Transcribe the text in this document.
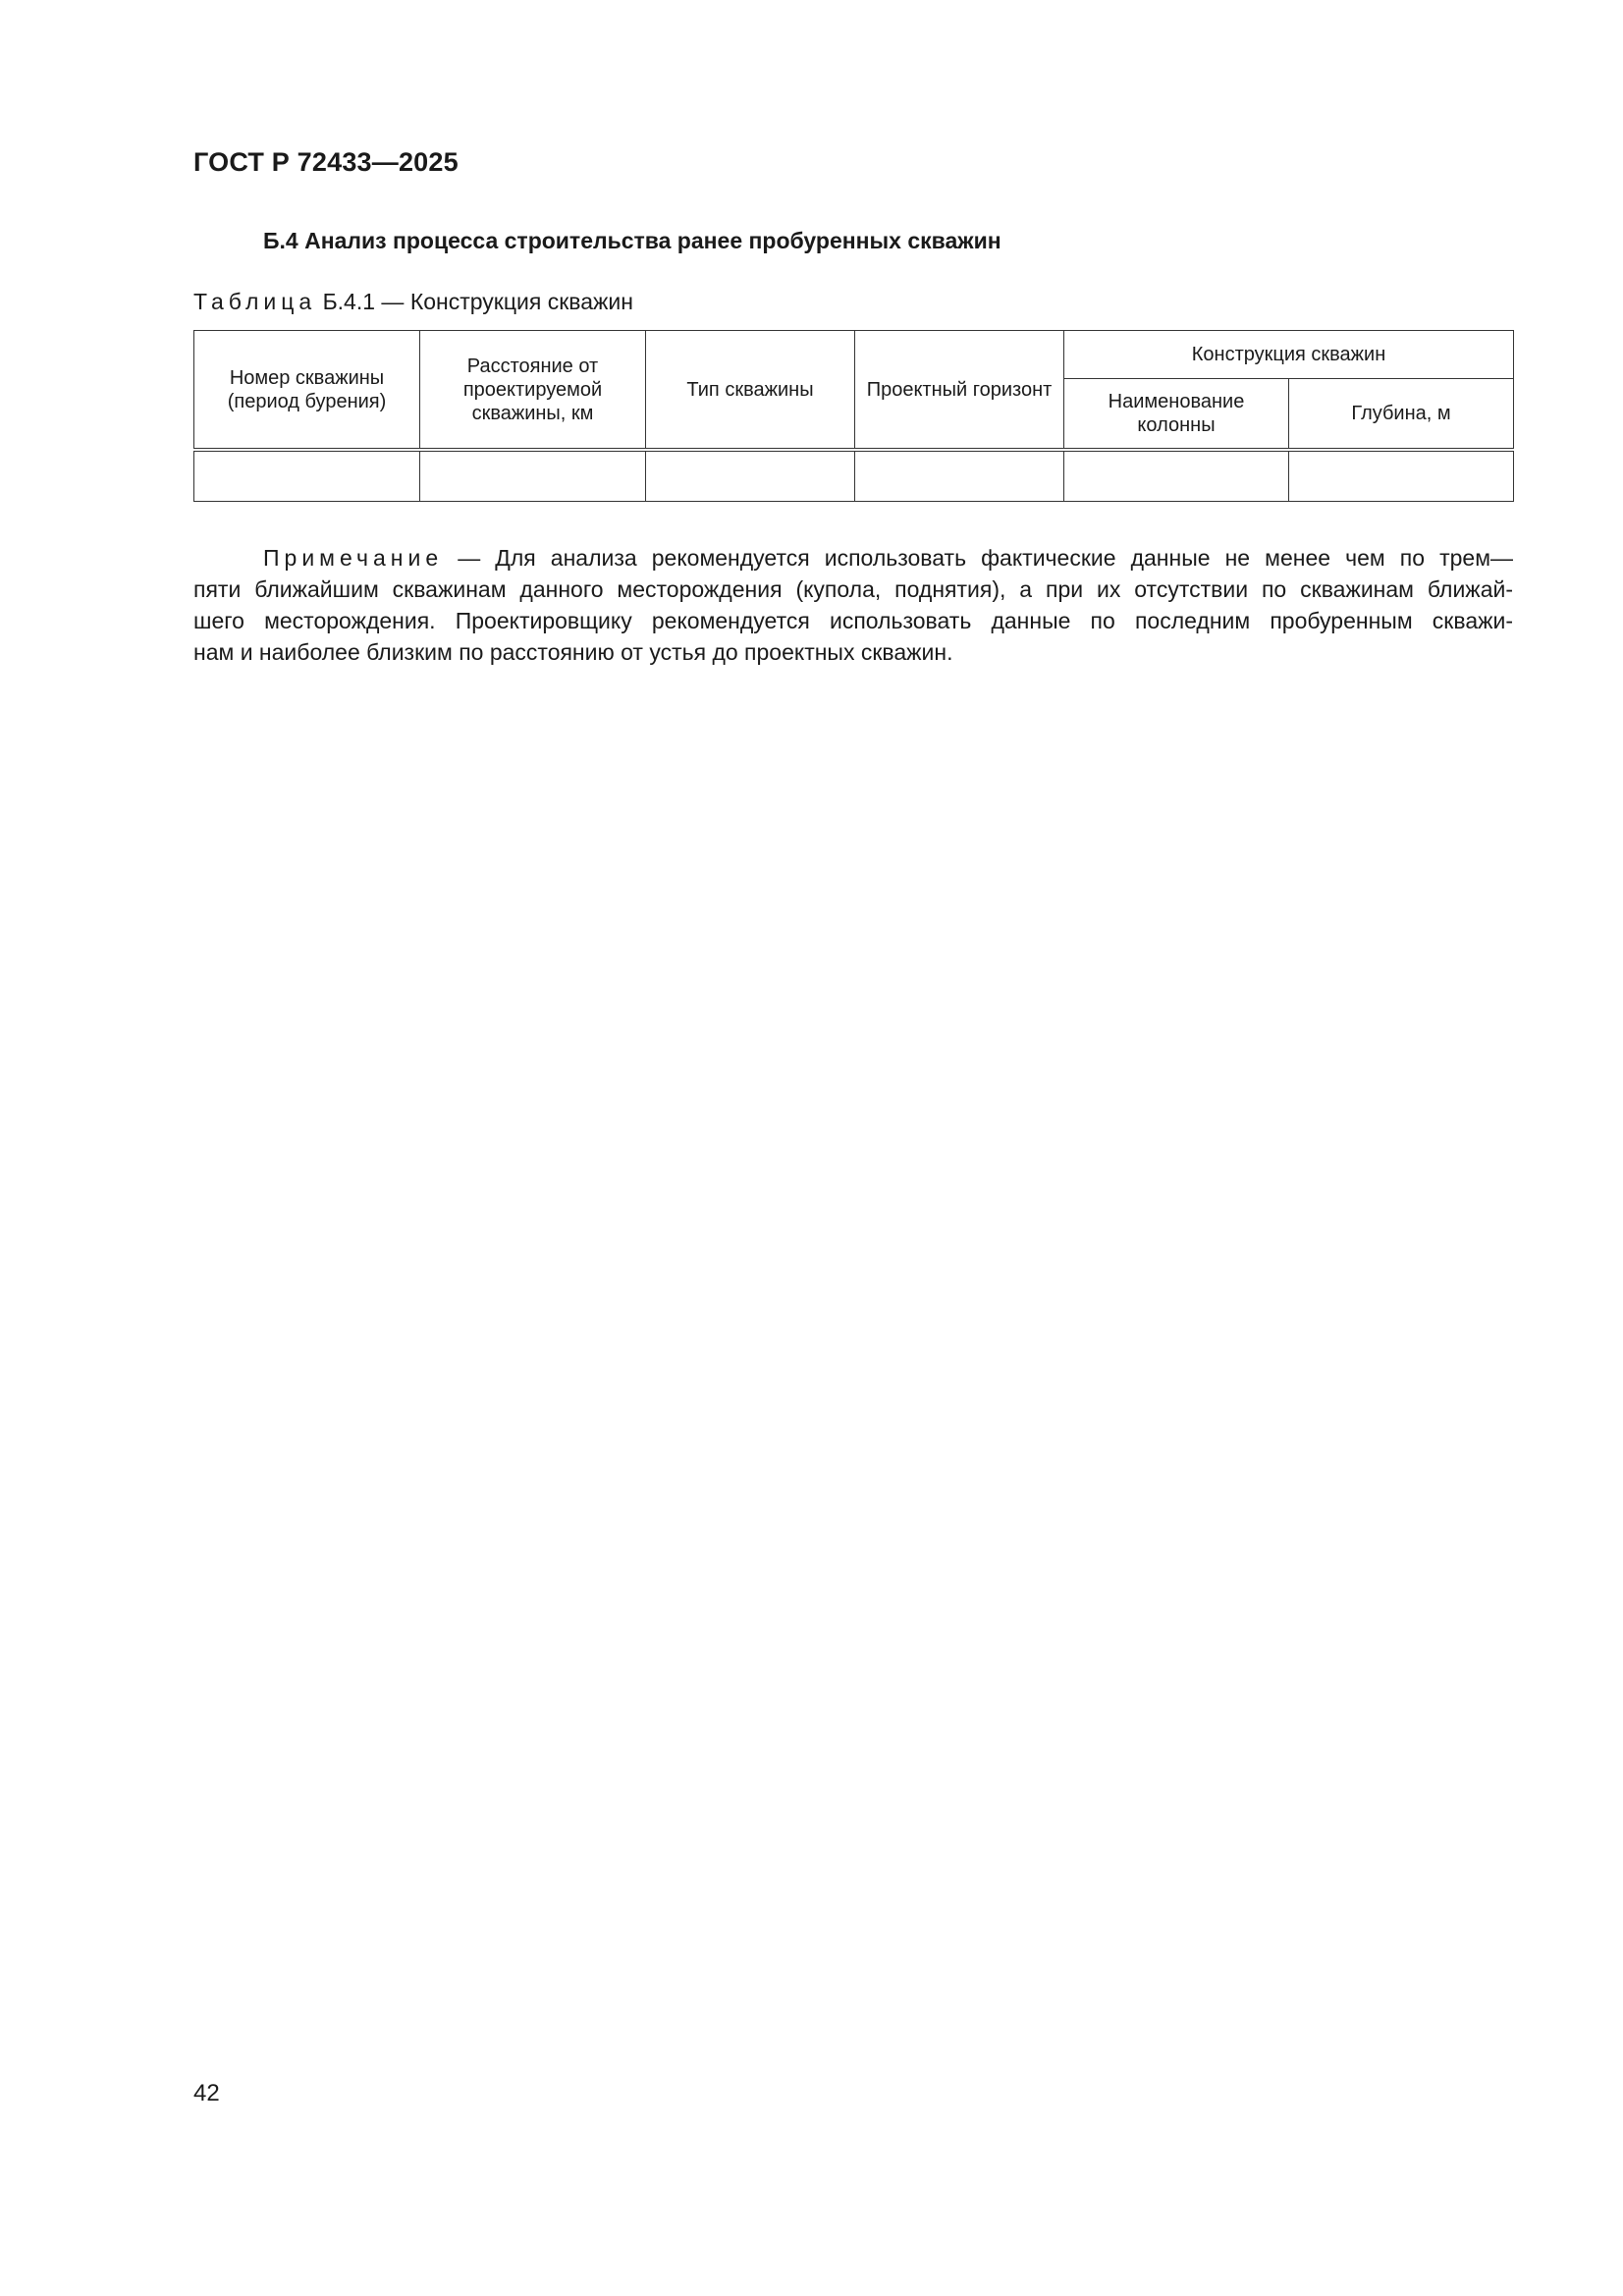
ГОСТ Р 72433—2025
Б.4 Анализ процесса строительства ранее пробуренных скважин
Таблица Б.4.1 — Конструкция скважин
Номер скважины (период бурения)	Расстояние от проектируемой скважины, км	Тип скважины	Проектный горизонт	Конструкция скважин	
				Наименование колонны	Глубина, м

Примечание — Для анализа рекомендуется использовать фактические данные не менее чем по трем—
пяти ближайшим скважинам данного месторождения (купола, поднятия), а при их отсутствии по скважинам ближай-
шего месторождения. Проектировщику рекомендуется использовать данные по последним пробуренным скважи-
нам и наиболее близким по расстоянию от устья до проектных скважин.
42
